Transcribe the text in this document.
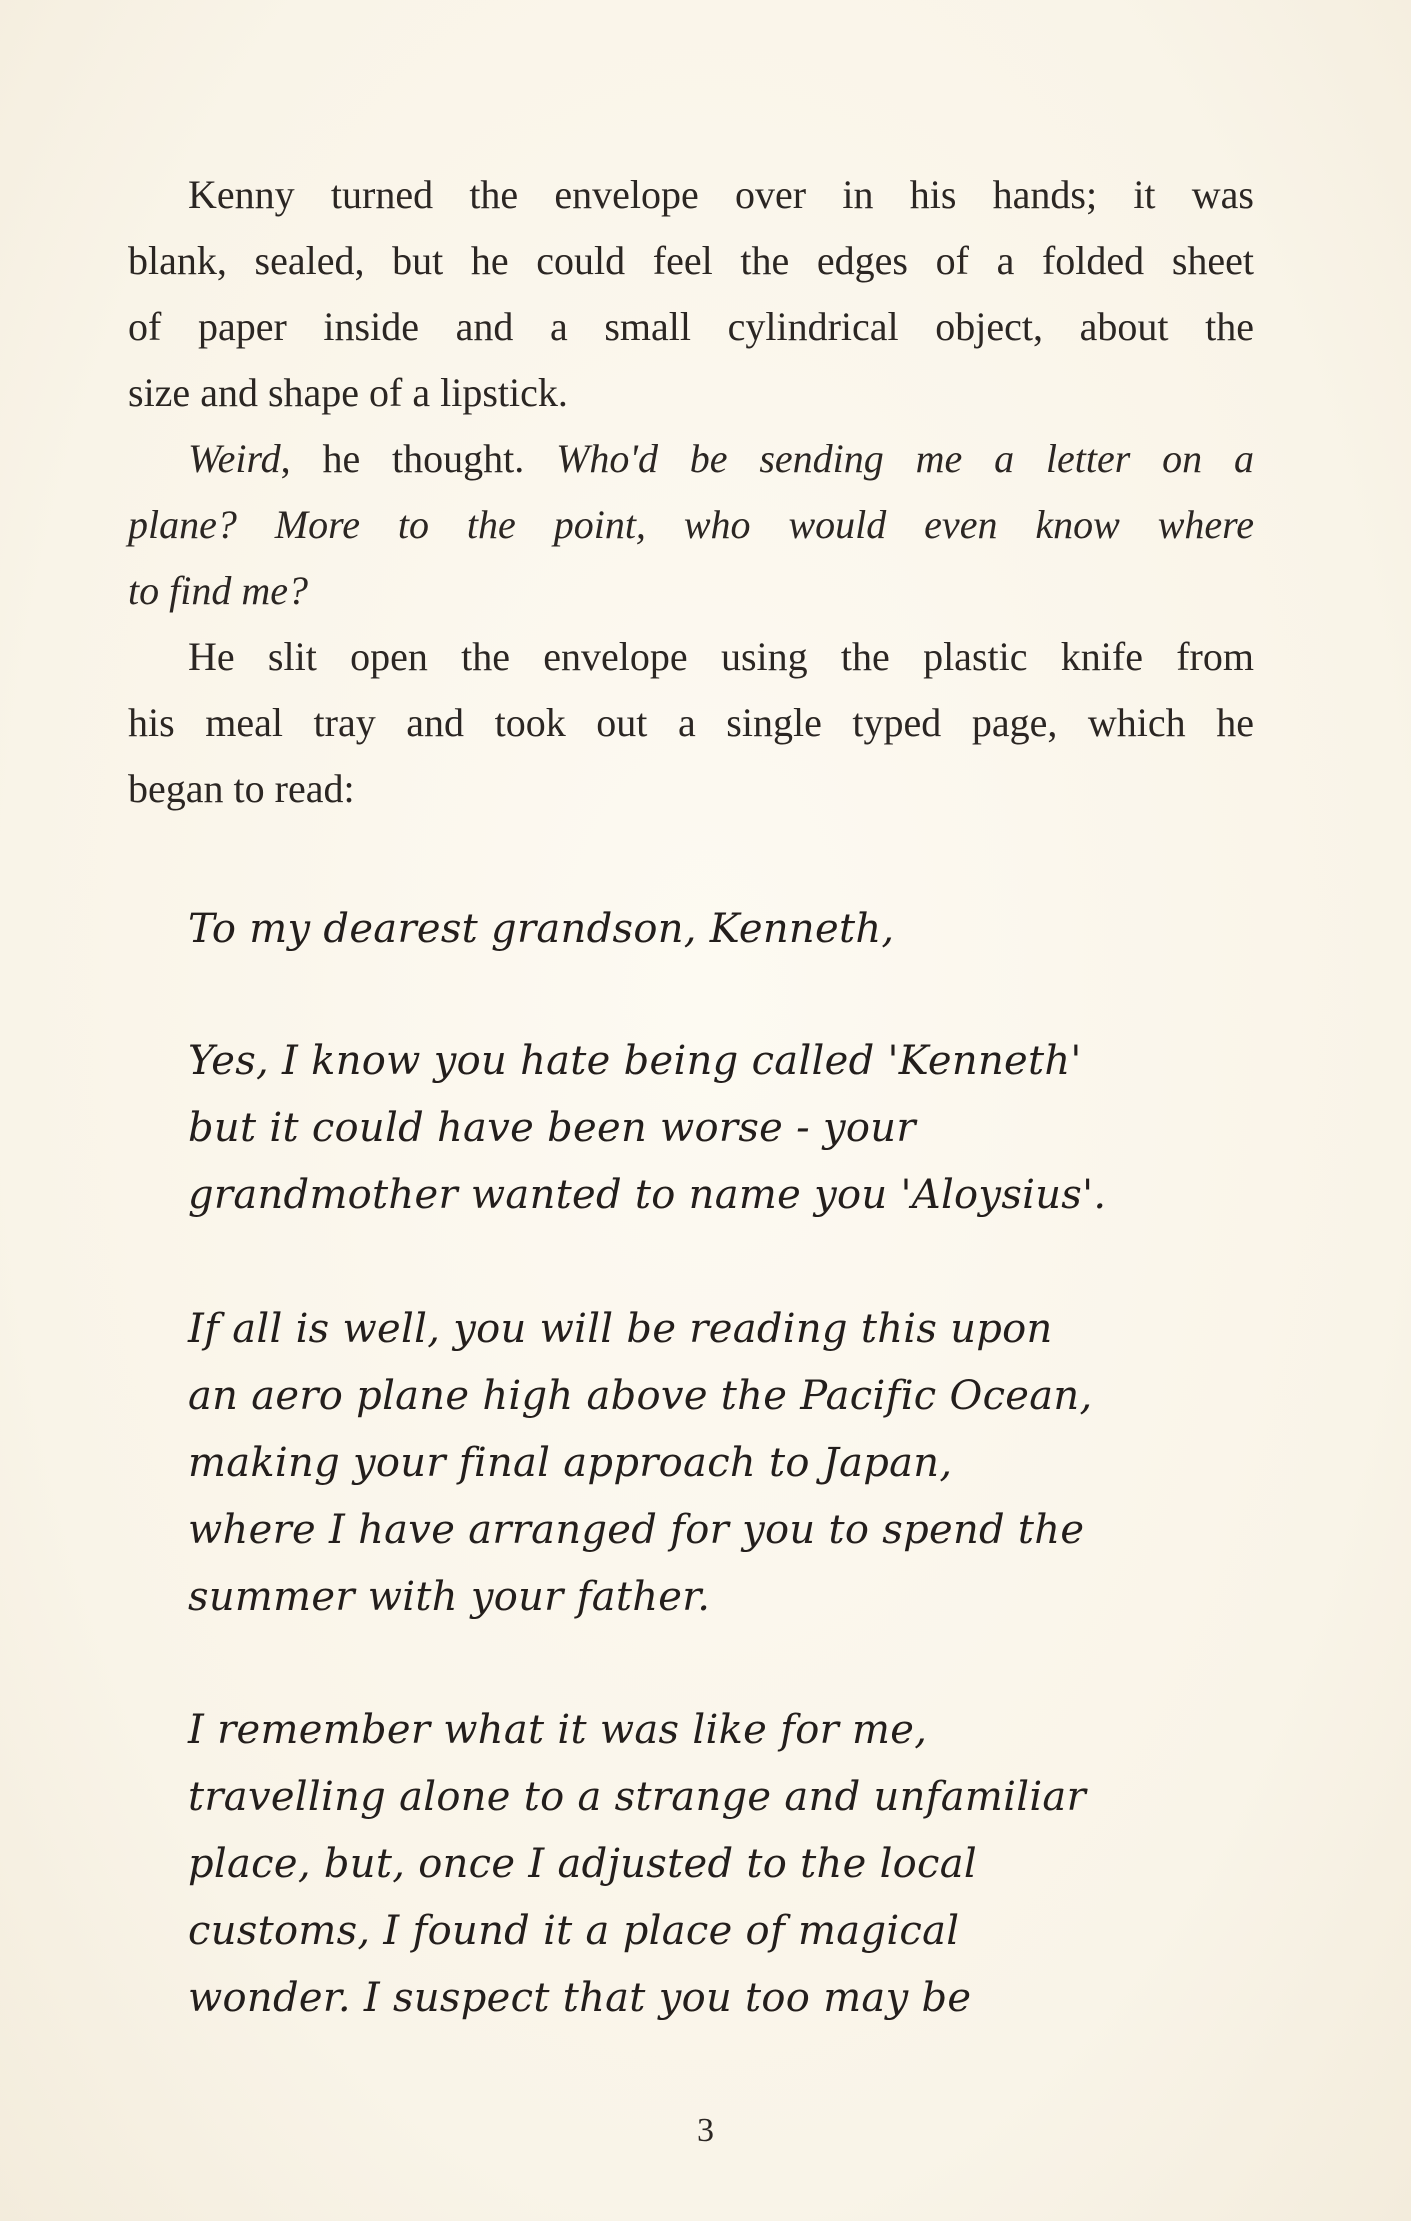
Kenny turned the envelope over in his hands; it was
blank, sealed, but he could feel the edges of a folded sheet
of paper inside and a small cylindrical object, about the
size and shape of a lipstick.
Weird, he thought. Who'd be sending me a letter on a
plane? More to the point, who would even know where
to find me?
He slit open the envelope using the plastic knife from
his meal tray and took out a single typed page, which he
began to read:
To my dearest grandson, Kenneth,
Yes, I know you hate being called 'Kenneth'
but it could have been worse - your
grandmother wanted to name you 'Aloysius'.
If all is well, you will be reading this upon
an aero plane high above the Pacific Ocean,
making your final approach to Japan,
where I have arranged for you to spend the
summer with your father.
I remember what it was like for me,
travelling alone to a strange and unfamiliar
place, but, once I adjusted to the local
customs, I found it a place of magical
wonder. I suspect that you too may be
3
